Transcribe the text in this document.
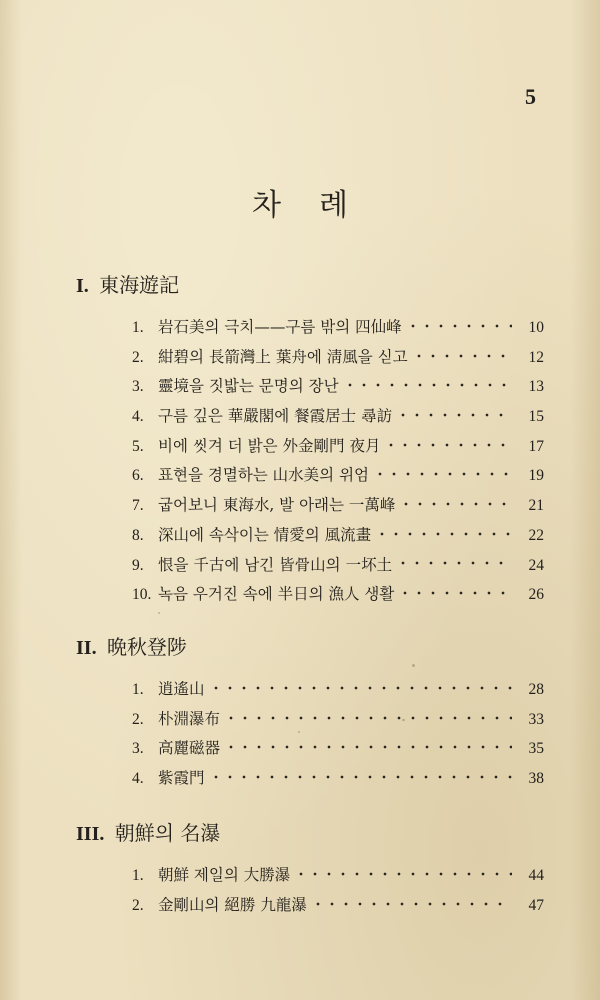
5
차례
I. 東海遊記
1. 岩石美의 극치——구름 밖의 四仙峰	10
2. 紺碧의 長箭灣上 葉舟에 淸風을 싣고	12
3. 靈境을 짓밟는 문명의 장난	13
4. 구름 깊은 華嚴閣에 餐霞居士 尋訪	15
5. 비에 씻겨 더 밝은 外金剛門 夜月	17
6. 표현을 경멸하는 山水美의 위엄	19
7. 굽어보니 東海水, 발 아래는 一萬峰	21
8. 深山에 속삭이는 情愛의 風流畫	22
9. 恨을 千古에 남긴 皆骨山의 一坏土	24
10. 녹음 우거진 속에 半日의 漁人 생활	26
II. 晩秋登陟
1. 逍遙山	28
2. 朴淵瀑布	33
3. 高麗磁器	35
4. 紫霞門	38
III. 朝鮮의 名瀑
1. 朝鮮 제일의 大勝瀑	44
2. 金剛山의 絕勝 九龍瀑	47
